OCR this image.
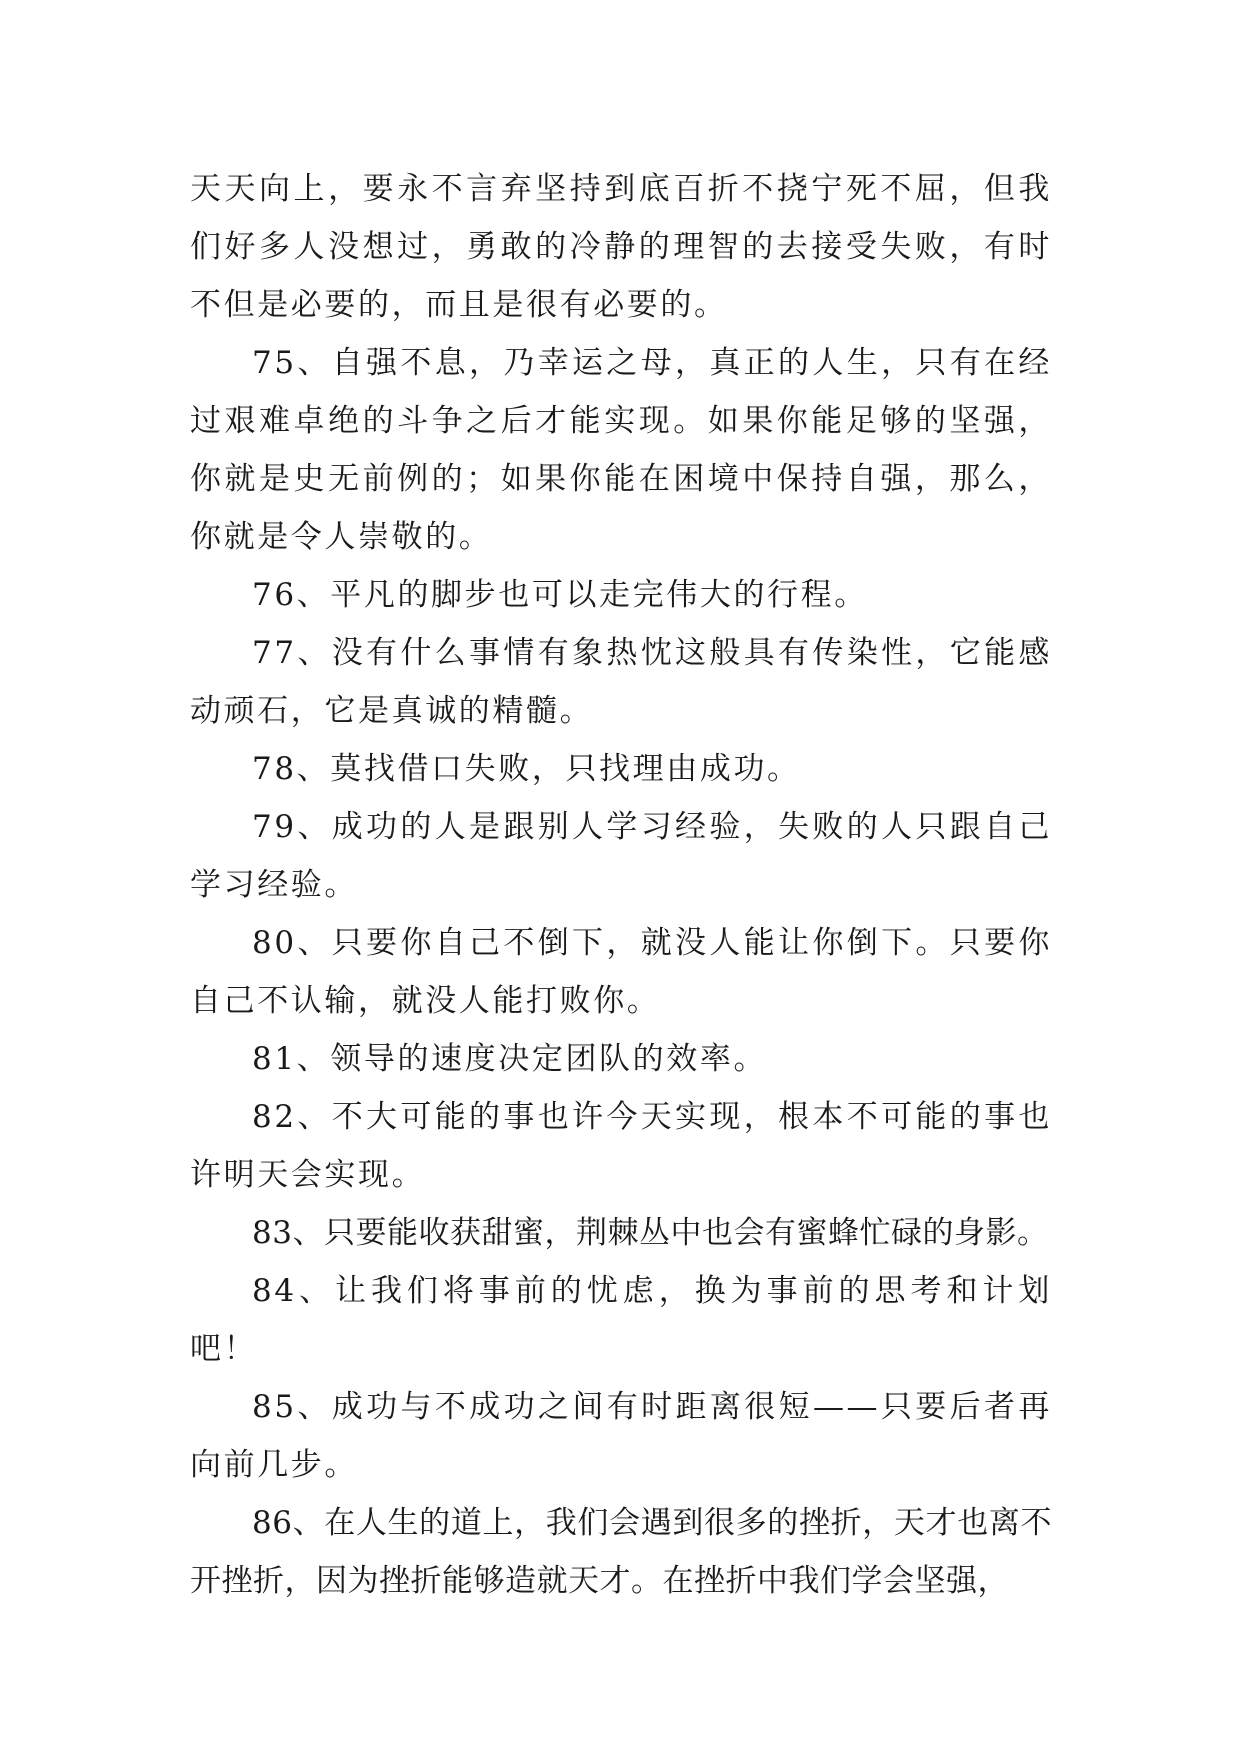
天天向上，要永不言弃坚持到底百折不挠宁死不屈，但我们好多人没想过，勇敢的冷静的理智的去接受失败，有时不但是必要的，而且是很有必要的。

75、自强不息，乃幸运之母，真正的人生，只有在经过艰难卓绝的斗争之后才能实现。如果你能足够的坚强，你就是史无前例的；如果你能在困境中保持自强，那么，你就是令人崇敬的。

76、平凡的脚步也可以走完伟大的行程。

77、没有什么事情有象热忱这般具有传染性，它能感动顽石，它是真诚的精髓。

78、莫找借口失败，只找理由成功。

79、成功的人是跟别人学习经验，失败的人只跟自己学习经验。

80、只要你自己不倒下，就没人能让你倒下。只要你自己不认输，就没人能打败你。

81、领导的速度决定团队的效率。

82、不大可能的事也许今天实现，根本不可能的事也许明天会实现。

83、只要能收获甜蜜，荆棘丛中也会有蜜蜂忙碌的身影。

84、让我们将事前的忧虑，换为事前的思考和计划吧！

85、成功与不成功之间有时距离很短——只要后者再向前几步。

86、在人生的道上，我们会遇到很多的挫折，天才也离不开挫折，因为挫折能够造就天才。在挫折中我们学会坚强，
